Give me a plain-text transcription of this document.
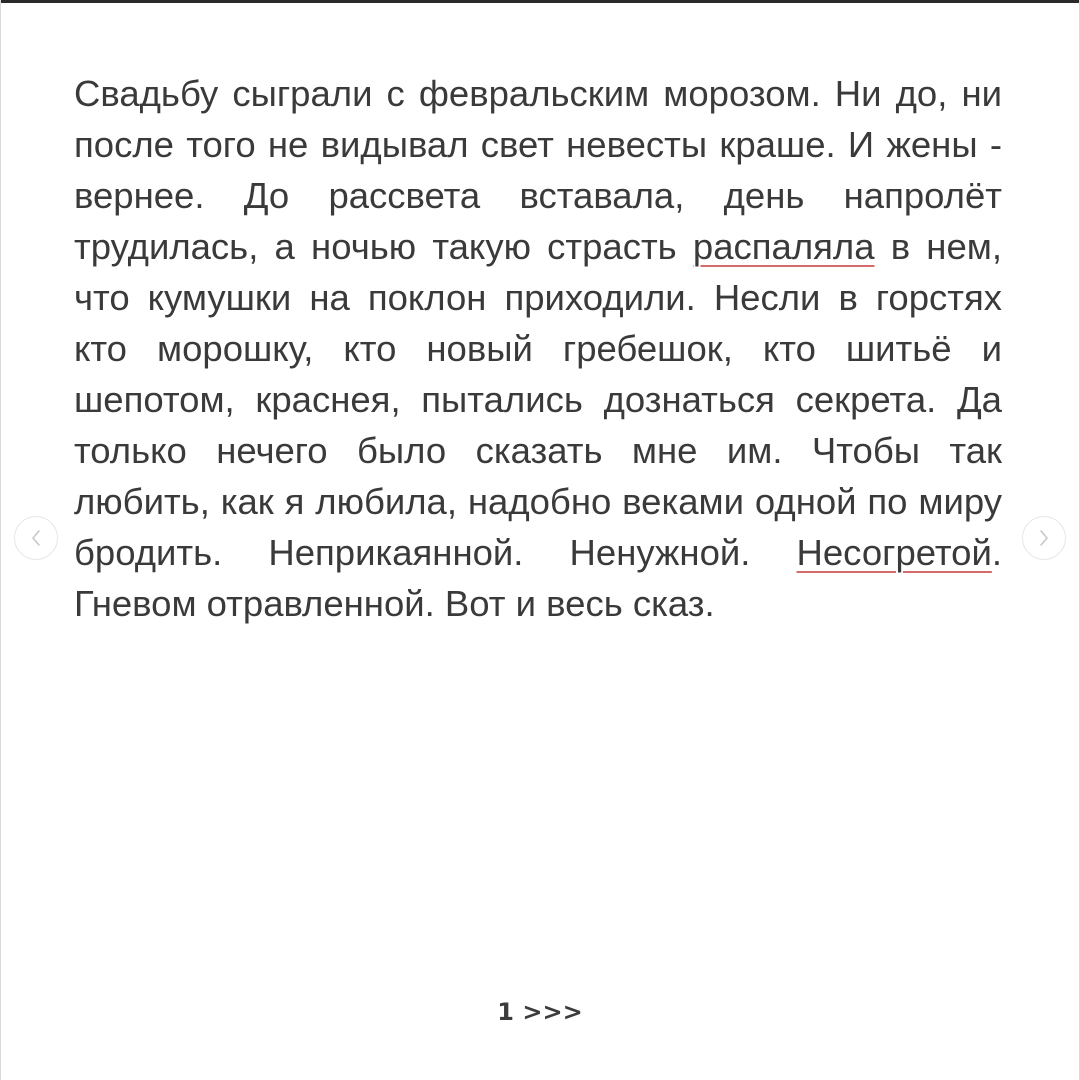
Свадьбу сыграли с февральским морозом. Ни до, ни после того не видывал свет невесты краше. И жены - вернее. До рассвета вставала, день напролёт трудилась, а ночью такую страсть распаляла в нем, что кумушки на поклон приходили. Несли в горстях кто морошку, кто новый гребешок, кто шитьё и шепотом, краснея, пытались дознаться секрета. Да только нечего было сказать мне им. Чтобы так любить, как я любила, надобно веками одной по миру бродить. Неприкаянной. Ненужной. Несогретой. Гневом отравленной. Вот и весь сказ.

1 >>>
